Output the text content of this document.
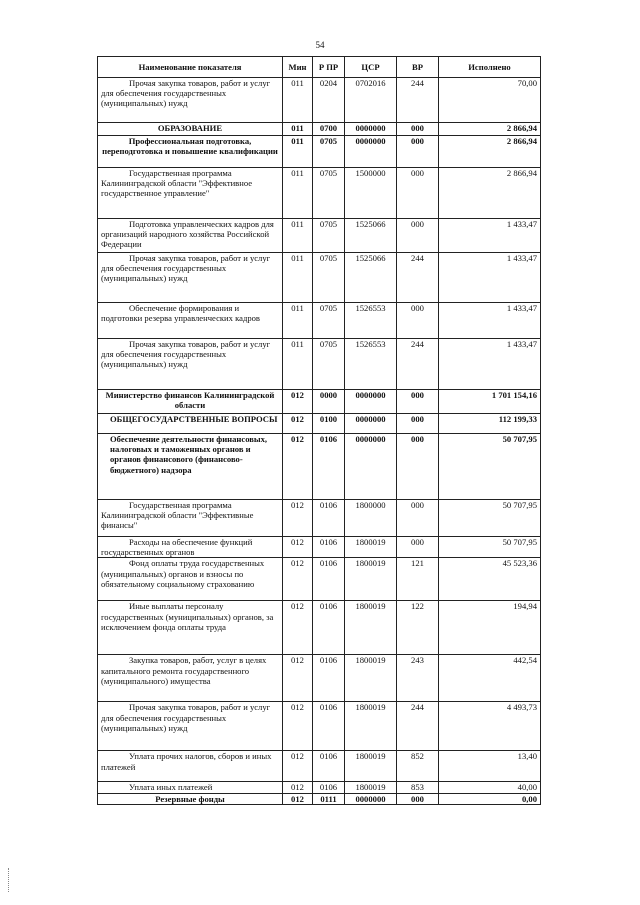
54
Наименование показателя	Мин	Р ПР	ЦСР	ВР	Исполнено
Прочая закупка товаров, работ и услуг для обеспечения государственных (муниципальных) нужд	011	0204	0702016	244	70,00
ОБРАЗОВАНИЕ	011	0700	0000000	000	2 866,94
Профессиональная подготовка, переподготовка и повышение квалификации	011	0705	0000000	000	2 866,94
Государственная программа Калининградской области "Эффективное государственное управление"	011	0705	1500000	000	2 866,94
Подготовка управленческих кадров для организаций народного хозяйства Российской Федерации	011	0705	1525066	000	1 433,47
Прочая закупка товаров, работ и услуг для обеспечения государственных (муниципальных) нужд	011	0705	1525066	244	1 433,47
Обеспечение формирования и подготовки резерва управленческих кадров	011	0705	1526553	000	1 433,47
Прочая закупка товаров, работ и услуг для обеспечения государственных (муниципальных) нужд	011	0705	1526553	244	1 433,47
Министерство финансов Калининградской области	012	0000	0000000	000	1 701 154,16
ОБЩЕГОСУДАРСТВЕННЫЕ ВОПРОСЫ	012	0100	0000000	000	112 199,33
Обеспечение деятельности финансовых, налоговых и таможенных органов и органов финансового (финансово-бюджетного) надзора	012	0106	0000000	000	50 707,95
Государственная программа Калининградской области "Эффективные финансы"	012	0106	1800000	000	50 707,95
Расходы на обеспечение функций государственных органов	012	0106	1800019	000	50 707,95
Фонд оплаты труда государственных (муниципальных) органов и взносы по обязательному социальному страхованию	012	0106	1800019	121	45 523,36
Иные выплаты персоналу государственных (муниципальных) органов, за исключением фонда оплаты труда	012	0106	1800019	122	194,94
Закупка товаров, работ, услуг в целях капитального ремонта государственного (муниципального) имущества	012	0106	1800019	243	442,54
Прочая закупка товаров, работ и услуг для обеспечения государственных (муниципальных) нужд	012	0106	1800019	244	4 493,73
Уплата прочих налогов, сборов и иных платежей	012	0106	1800019	852	13,40
Уплата иных платежей	012	0106	1800019	853	40,00
Резервные фонды	012	0111	0000000	000	0,00
